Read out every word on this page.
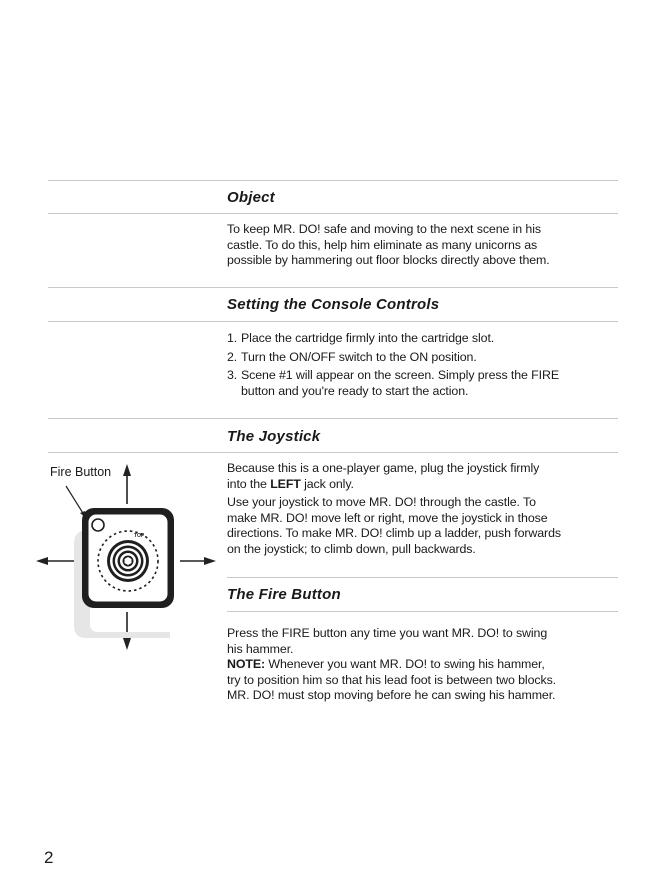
Object

To keep MR. DO! safe and moving to the next scene in his

castle. To do this, help him eliminate as many unicorns as

possible by hammering out floor blocks directly above them.

Setting the Console Controls
1. Place the cartridge firmly into the cartridge slot.
2. Turn the ON/OFF switch to the ON position.
3. Scene #1 will appear on the screen. Simply press the FIRE
button and you're ready to start the action.
The Joystick

Because this is a one-player game, plug the joystick firmly

into the LEFT jack only.

Use your joystick to move MR. DO! through the castle. To

make MR. DO! move left or right, move the joystick in those

directions. To make MR. DO! climb up a ladder, push forwards

on the joystick; to climb down, pull backwards.

The Fire Button

Press the FIRE button any time you want MR. DO! to swing

his hammer.

NOTE: Whenever you want MR. DO! to swing his hammer,

try to position him so that his lead foot is between two blocks.

MR. DO! must stop moving before he can swing his hammer.

Fire Button
TOP
2
